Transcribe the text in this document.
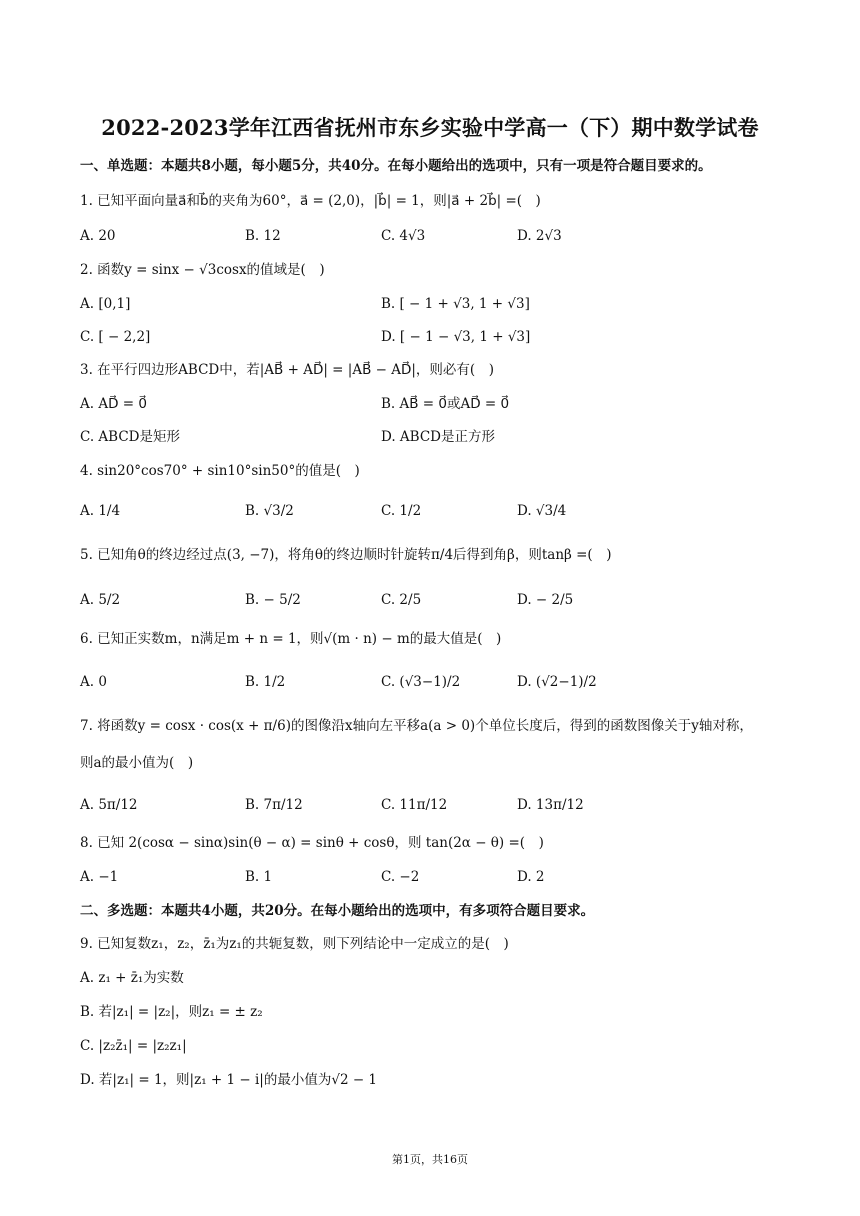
2022-2023学年江西省抚州市东乡实验中学高一（下）期中数学试卷
一、单选题：本题共8小题，每小题5分，共40分。在每小题给出的选项中，只有一项是符合题目要求的。
1. 已知平面向量a⃗和b⃗的夹角为60°，a⃗ = (2,0)，|b⃗| = 1，则|a⃗ + 2b⃗| =(　)
A. 20	B. 12	C. 4√3	D. 2√3
2. 函数y = sinx − √3cosx的值域是(　)
A. [0,1]	B. [ − 1 + √3, 1 + √3]
C. [ − 2,2]	D. [ − 1 − √3, 1 + √3]
3. 在平行四边形ABCD中，若|AB⃗ + AD⃗| = |AB⃗ − AD⃗|，则必有(　)
A. AD⃗ = 0⃗	B. AB⃗ = 0⃗或AD⃗ = 0⃗
C. ABCD是矩形	D. ABCD是正方形
4. sin20°cos70° + sin10°sin50°的值是(　)
A. 1/4	B. √3/2	C. 1/2	D. √3/4
5. 已知角θ的终边经过点(3, −7)，将角θ的终边顺时针旋转π/4后得到角β，则tanβ =(　)
A. 5/2	B. − 5/2	C. 2/5	D. − 2/5
6. 已知正实数m，n满足m + n = 1，则√(m · n) − m的最大值是(　)
A. 0	B. 1/2	C. (√3−1)/2	D. (√2−1)/2
7. 将函数y = cosx · cos(x + π/6)的图像沿x轴向左平移a(a > 0)个单位长度后，得到的函数图像关于y轴对称，
则a的最小值为(　)
A. 5π/12	B. 7π/12	C. 11π/12	D. 13π/12
8. 已知 2(cosα − sinα)sin(θ − α) = sinθ + cosθ，则 tan(2α − θ) =(　)
A. −1	B. 1	C. −2	D. 2
二、多选题：本题共4小题，共20分。在每小题给出的选项中，有多项符合题目要求。
9. 已知复数z₁，z₂，z̄₁为z₁的共轭复数，则下列结论中一定成立的是(　)
A. z₁ + z̄₁为实数
B. 若|z₁| = |z₂|，则z₁ = ± z₂
C. |z₂z̄₁| = |z₂z₁|
D. 若|z₁| = 1，则|z₁ + 1 − i|的最小值为√2 − 1
第1页，共16页
